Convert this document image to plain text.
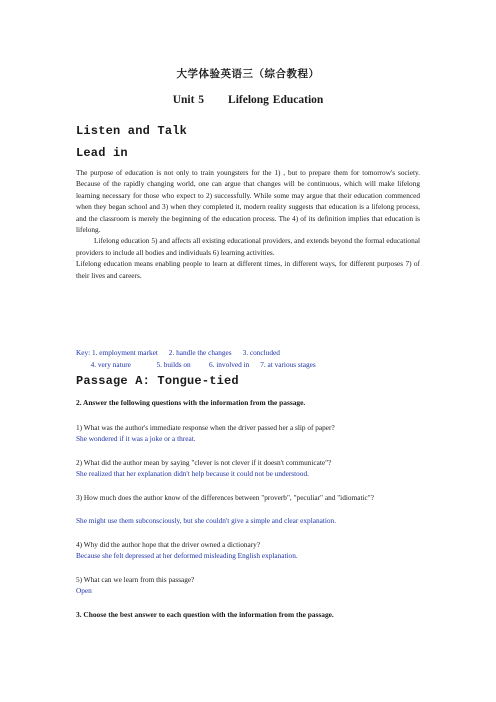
大学体验英语三（综合教程）
Unit 5 Lifelong Education
Listen and Talk
Lead in

The purpose of education is not only to train youngsters for the 1) , but to prepare them for tomorrow's society. Because of the rapidly changing world, one can argue that changes will be continuous, which will make lifelong learning necessary for those who expect to 2) successfully. While some may argue that their education commenced when they began school and 3) when they completed it, modern reality suggests that education is a lifelong process, and the classroom is merely the beginning of the education process. The 4) of its definition implies that education is lifelong.

Lifelong education 5) and affects all existing educational providers, and extends beyond the formal educational providers to include all bodies and individuals 6) learning activities.

Lifelong education means enabling people to learn at different times, in different ways, for different purposes 7) of their lives and careers.

Key: 1. employment market      2. handle the changes      3. concluded
4. very nature              5. builds on          6. involved in      7. at various stages
Passage A: Tongue-tied
2. Answer the following questions with the information from the passage.
1) What was the author's immediate response when the driver passed her a slip of paper?
She wondered if it was a joke or a threat.
2) What did the author mean by saying "clever is not clever if it doesn't communicate"?
She realized that her explanation didn't help because it could not be understood.
3) How much does the author know of the differences between "proverb", "peculiar" and "idiomatic"?
She might use them subconsciously, but she couldn't give a simple and clear explanation.
4) Why did the author hope that the driver owned a dictionary?
Because she felt depressed at her deformed misleading English explanation.
5) What can we learn from this passage?
Open
3. Choose the best answer to each question with the information from the passage.
